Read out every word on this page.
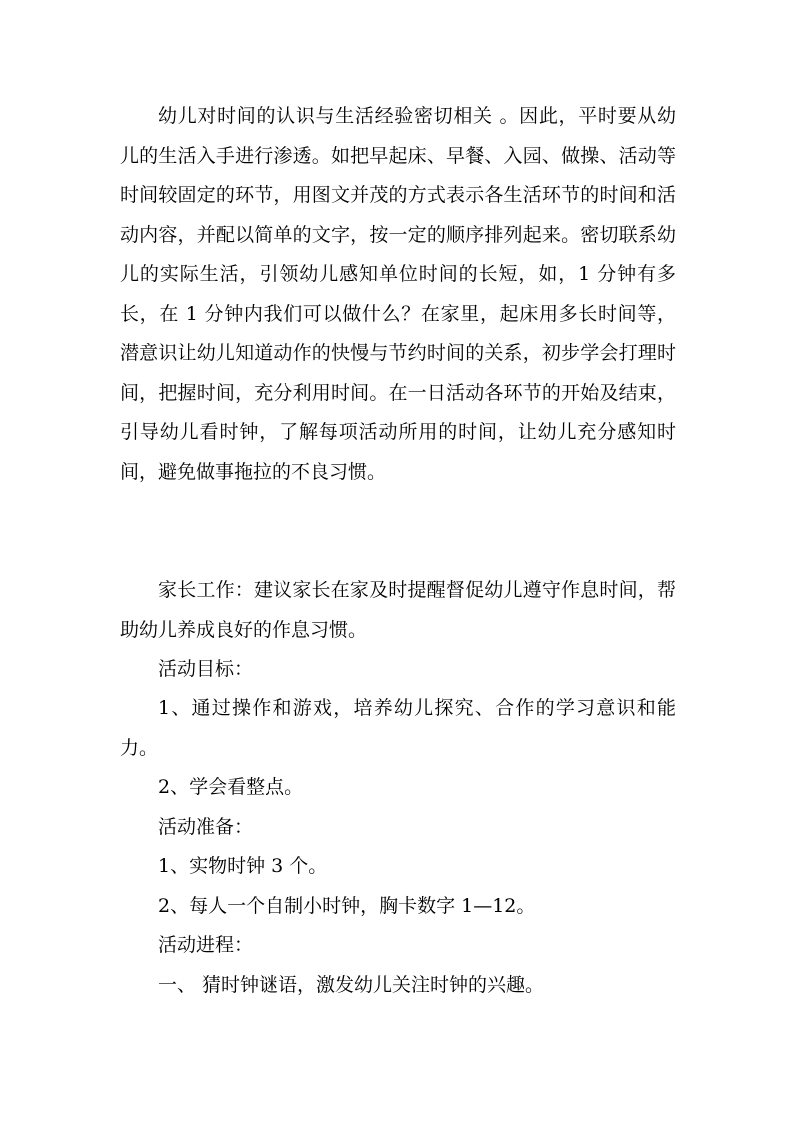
幼儿对时间的认识与生活经验密切相关 。因此，平时要从幼儿的生活入手进行渗透。如把早起床、早餐、入园、做操、活动等时间较固定的环节，用图文并茂的方式表示各生活环节的时间和活动内容，并配以简单的文字，按一定的顺序排列起来。密切联系幼儿的实际生活，引领幼儿感知单位时间的长短，如，1 分钟有多长，在 1 分钟内我们可以做什么？在家里，起床用多长时间等，潜意识让幼儿知道动作的快慢与节约时间的关系，初步学会打理时间，把握时间，充分利用时间。在一日活动各环节的开始及结束，引导幼儿看时钟，了解每项活动所用的时间，让幼儿充分感知时间，避免做事拖拉的不良习惯。

家长工作：建议家长在家及时提醒督促幼儿遵守作息时间，帮助幼儿养成良好的作息习惯。

活动目标：

1、通过操作和游戏，培养幼儿探究、合作的学习意识和能力。

2、学会看整点。

活动准备：

1、实物时钟 3 个。

2、每人一个自制小时钟，胸卡数字 1—12。

活动进程：

一、 猜时钟谜语，激发幼儿关注时钟的兴趣。
